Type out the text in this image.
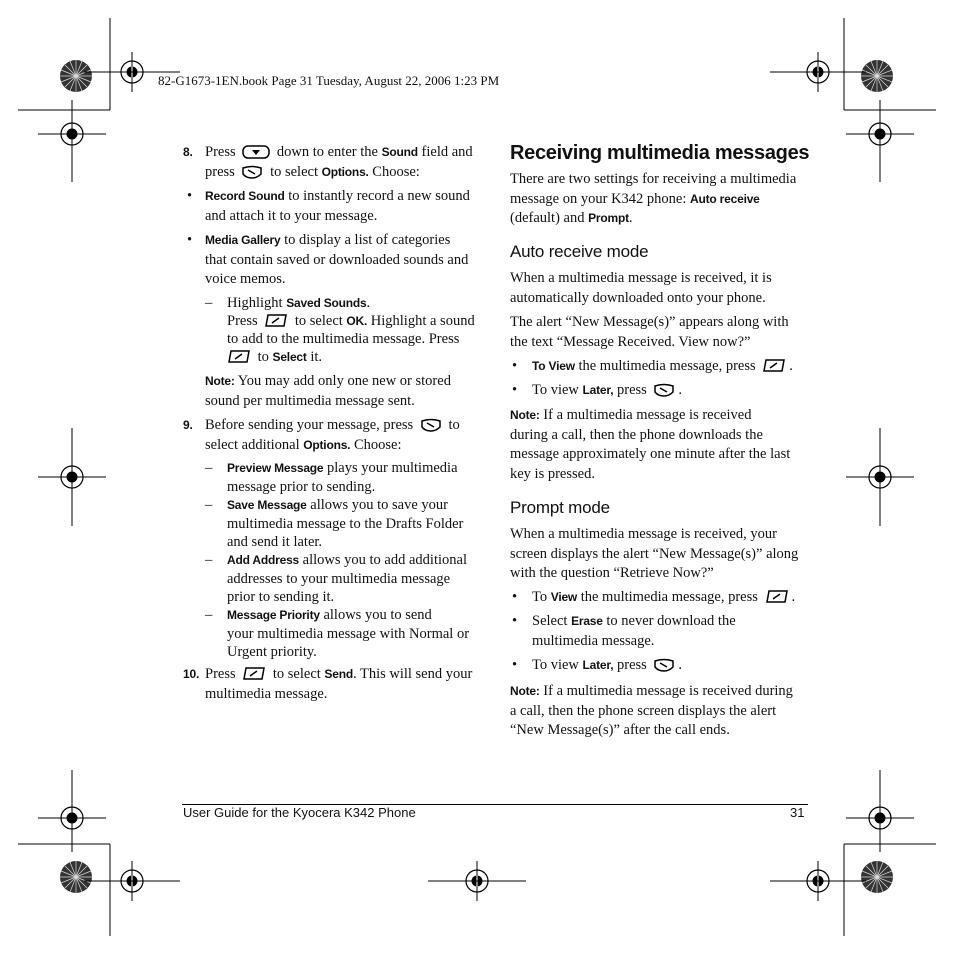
82-G1673-1EN.book Page 31 Tuesday, August 22, 2006 1:23 PM
8. Press	down to enter the Sound field and
press to select Options. Choose:
• Record Sound to instantly record a new sound
and attach it to your message.
• Media Gallery to display a list of categories
that contain saved or downloaded sounds and
voice memos.
– Highlight Saved Sounds.
Press	to select OK. Highlight a sound
to add to the multimedia message. Press
to Select it.
Note: You may add only one new or stored
sound per multimedia message sent.
9. Before sending your message, press to
select additional Options. Choose:
– Preview Message plays your multimedia
message prior to sending.
– Save Message allows you to save your
multimedia message to the Drafts Folder
and send it later.
– Add Address allows you to add additional
addresses to your multimedia message
prior to sending it.
– Message Priority allows you to send
your multimedia message with Normal or
Urgent priority.
10. Press	to select Send. This will send your
multimedia message.
Receiving multimedia messages
There are two settings for receiving a multimedia
message on your K342 phone: Auto receive
(default) and Prompt.
Auto receive mode
When a multimedia message is received, it is
automatically downloaded onto your phone.
The alert “New Message(s)” appears along with
the text “Message Received. View now?”
• To View the multimedia message, press .
• To view Later, press .
Note: If a multimedia message is received
during a call, then the phone downloads the
message approximately one minute after the last
key is pressed.
Prompt mode
When a multimedia message is received, your
screen displays the alert “New Message(s)” along
with the question “Retrieve Now?”
• To View the multimedia message, press .
• Select Erase to never download the
multimedia message.
• To view Later, press .
Note: If a multimedia message is received during
a call, then the phone screen displays the alert
“New Message(s)” after the call ends.
User Guide for the Kyocera K342 Phone	31
